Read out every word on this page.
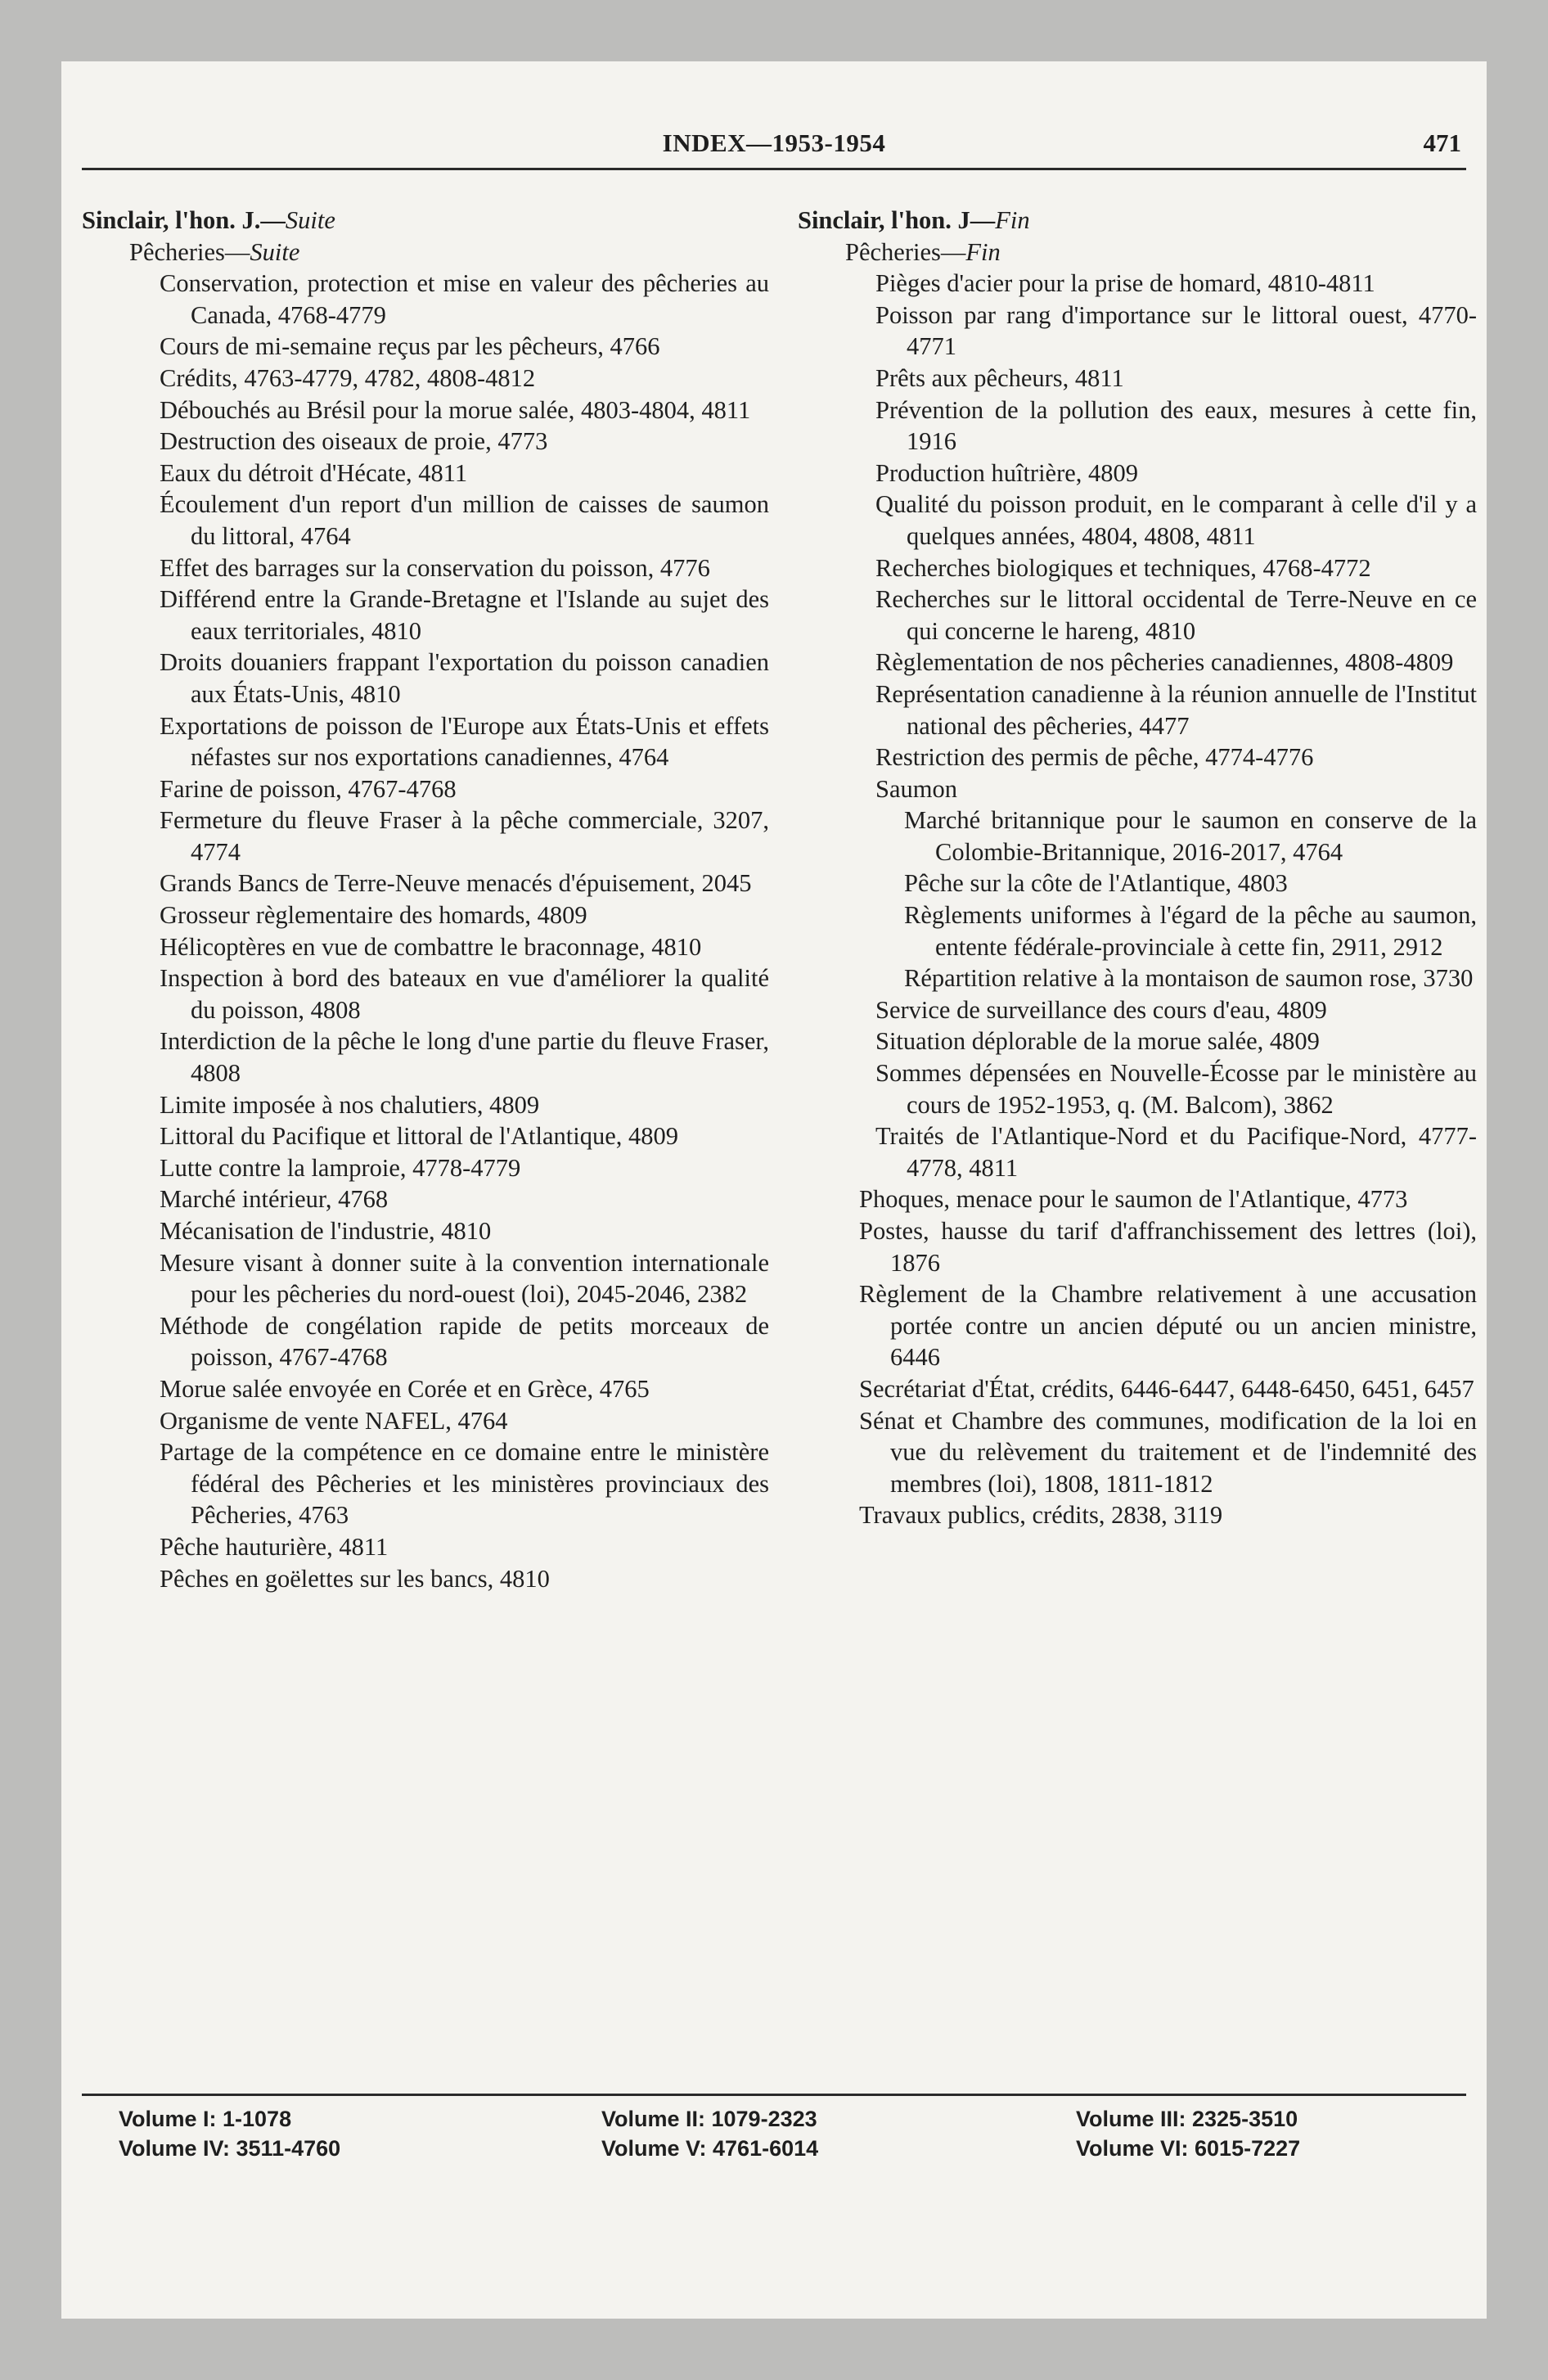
INDEX—1953-1954	471

Sinclair, l'hon. J.—Suite

Pêcheries—Suite

Conservation, protection et mise en valeur des pêcheries au Canada, 4768-4779

Cours de mi-semaine reçus par les pêcheurs, 4766

Crédits, 4763-4779, 4782, 4808-4812

Débouchés au Brésil pour la morue salée, 4803-4804, 4811

Destruction des oiseaux de proie, 4773

Eaux du détroit d'Hécate, 4811

Écoulement d'un report d'un million de caisses de saumon du littoral, 4764

Effet des barrages sur la conservation du poisson, 4776

Différend entre la Grande-Bretagne et l'Islande au sujet des eaux territoriales, 4810

Droits douaniers frappant l'exportation du poisson canadien aux États-Unis, 4810

Exportations de poisson de l'Europe aux États-Unis et effets néfastes sur nos exportations canadiennes, 4764

Farine de poisson, 4767-4768

Fermeture du fleuve Fraser à la pêche commerciale, 3207, 4774

Grands Bancs de Terre-Neuve menacés d'épuisement, 2045

Grosseur règlementaire des homards, 4809

Hélicoptères en vue de combattre le braconnage, 4810

Inspection à bord des bateaux en vue d'améliorer la qualité du poisson, 4808

Interdiction de la pêche le long d'une partie du fleuve Fraser, 4808

Limite imposée à nos chalutiers, 4809

Littoral du Pacifique et littoral de l'Atlantique, 4809

Lutte contre la lamproie, 4778-4779

Marché intérieur, 4768

Mécanisation de l'industrie, 4810

Mesure visant à donner suite à la convention internationale pour les pêcheries du nord-ouest (loi), 2045-2046, 2382

Méthode de congélation rapide de petits morceaux de poisson, 4767-4768

Morue salée envoyée en Corée et en Grèce, 4765

Organisme de vente NAFEL, 4764

Partage de la compétence en ce domaine entre le ministère fédéral des Pêcheries et les ministères provinciaux des Pêcheries, 4763

Pêche hauturière, 4811

Pêches en goëlettes sur les bancs, 4810

Sinclair, l'hon. J—Fin

Pêcheries—Fin

Pièges d'acier pour la prise de homard, 4810-4811

Poisson par rang d'importance sur le littoral ouest, 4770-4771

Prêts aux pêcheurs, 4811

Prévention de la pollution des eaux, mesures à cette fin, 1916

Production huîtrière, 4809

Qualité du poisson produit, en le comparant à celle d'il y a quelques années, 4804, 4808, 4811

Recherches biologiques et techniques, 4768-4772

Recherches sur le littoral occidental de Terre-Neuve en ce qui concerne le hareng, 4810

Règlementation de nos pêcheries canadiennes, 4808-4809

Représentation canadienne à la réunion annuelle de l'Institut national des pêcheries, 4477

Restriction des permis de pêche, 4774-4776

Saumon

Marché britannique pour le saumon en conserve de la Colombie-Britannique, 2016-2017, 4764

Pêche sur la côte de l'Atlantique, 4803

Règlements uniformes à l'égard de la pêche au saumon, entente fédérale-provinciale à cette fin, 2911, 2912

Répartition relative à la montaison de saumon rose, 3730

Service de surveillance des cours d'eau, 4809

Situation déplorable de la morue salée, 4809

Sommes dépensées en Nouvelle-Écosse par le ministère au cours de 1952-1953, q. (M. Balcom), 3862

Traités de l'Atlantique-Nord et du Pacifique-Nord, 4777-4778, 4811

Phoques, menace pour le saumon de l'Atlantique, 4773

Postes, hausse du tarif d'affranchissement des lettres (loi), 1876

Règlement de la Chambre relativement à une accusation portée contre un ancien député ou un ancien ministre, 6446

Secrétariat d'État, crédits, 6446-6447, 6448-6450, 6451, 6457

Sénat et Chambre des communes, modification de la loi en vue du relèvement du traitement et de l'indemnité des membres (loi), 1808, 1811-1812

Travaux publics, crédits, 2838, 3119

Volume I: 1-1078
Volume IV: 3511-4760
Volume II: 1079-2323
Volume V: 4761-6014
Volume III: 2325-3510
Volume VI: 6015-7227
